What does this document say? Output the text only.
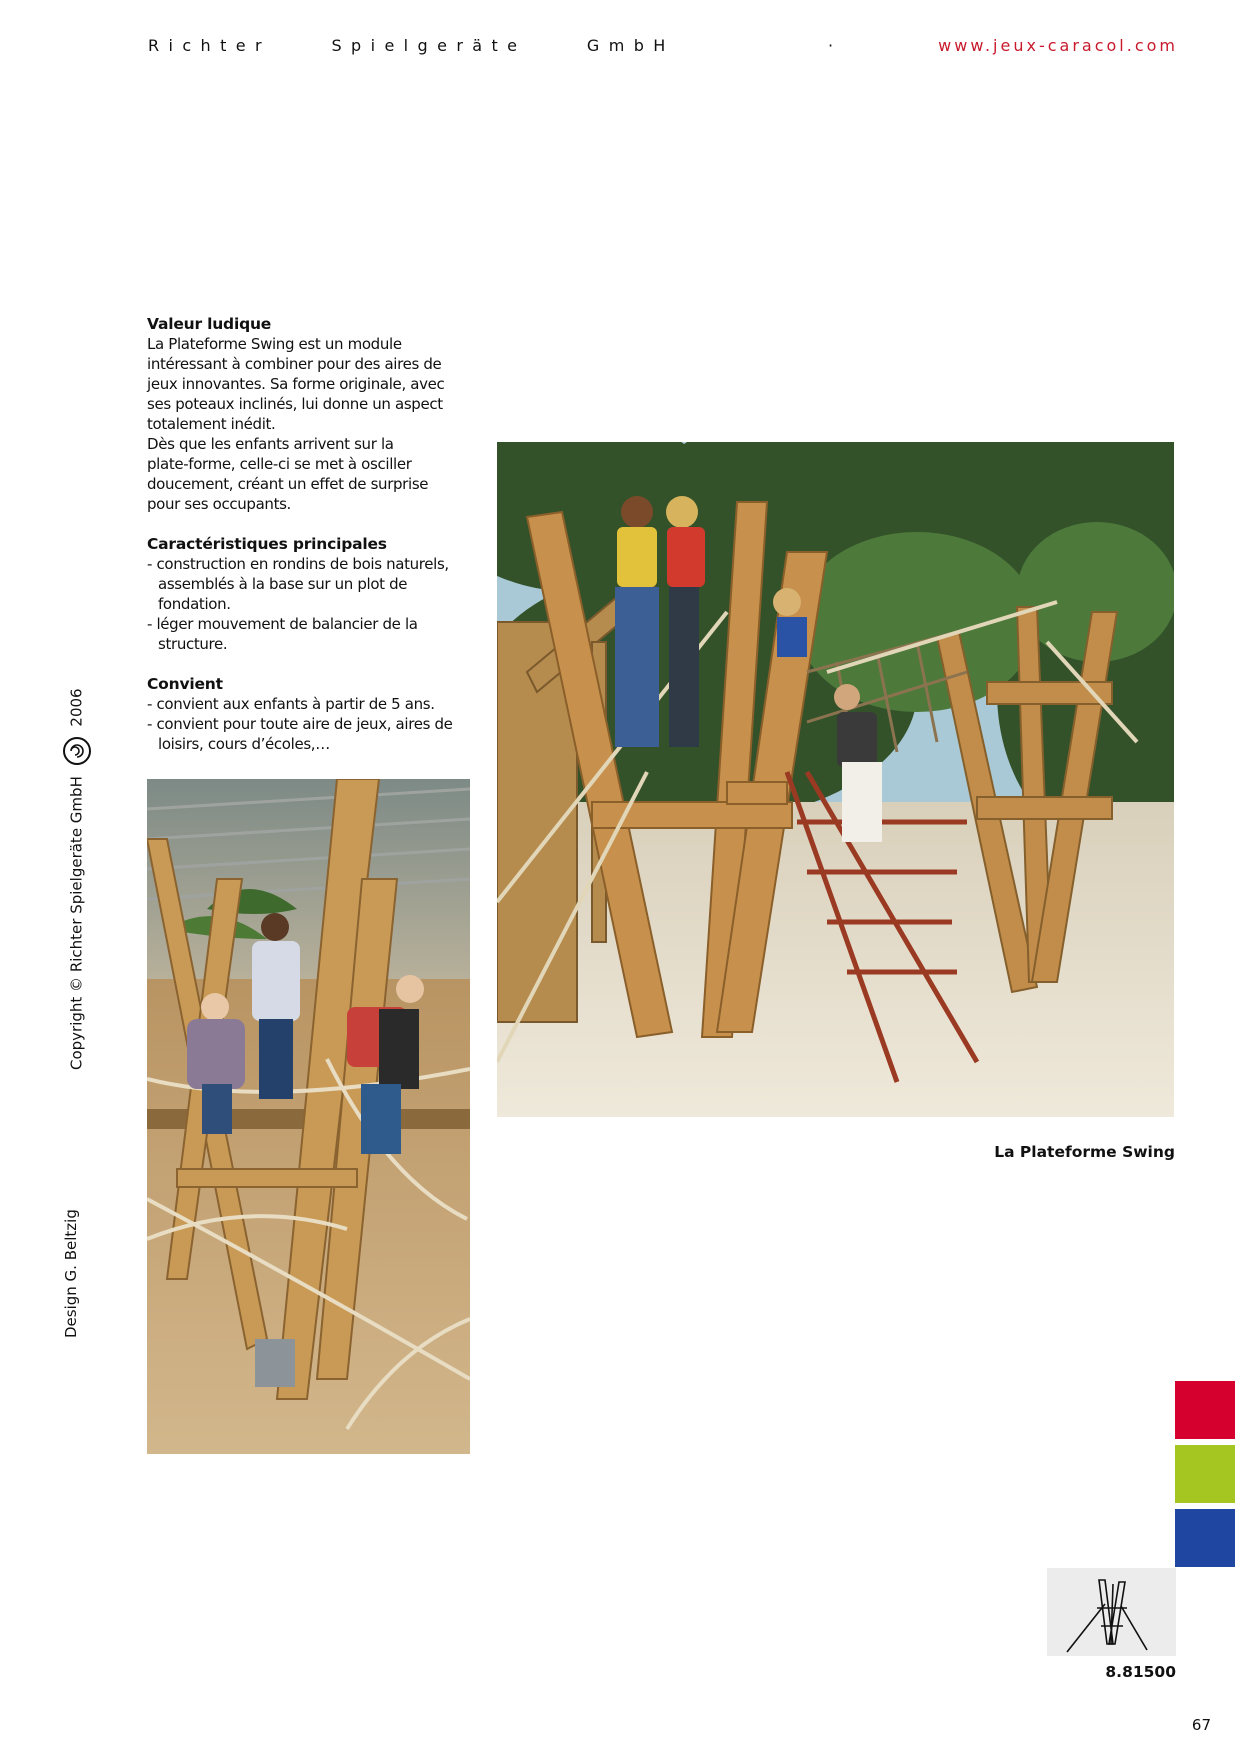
Richter Spielgeräte GmbH	·	www.jeux-caracol.com
Valeur ludique

La Plateforme Swing est un module

intéressant à combiner pour des aires de

jeux innovantes. Sa forme originale, avec

ses poteaux inclinés, lui donne un aspect

totalement inédit.

Dès que les enfants arrivent sur la

plate-forme, celle-ci se met à osciller

doucement, créant un effet de surprise

pour ses occupants.

Caractéristiques principales

- construction en rondins de bois naturels, assemblés à la base sur un plot de fondation.

- léger mouvement de balancier de la structure.

Convient

- convient aux enfants à partir de 5 ans.

- convient pour toute aire de jeux, aires de loisirs, cours d’écoles,…

Copyright © Richter Spielgeräte GmbH  2006
Design G. Beltzig
La Plateforme Swing
8.81500
67
